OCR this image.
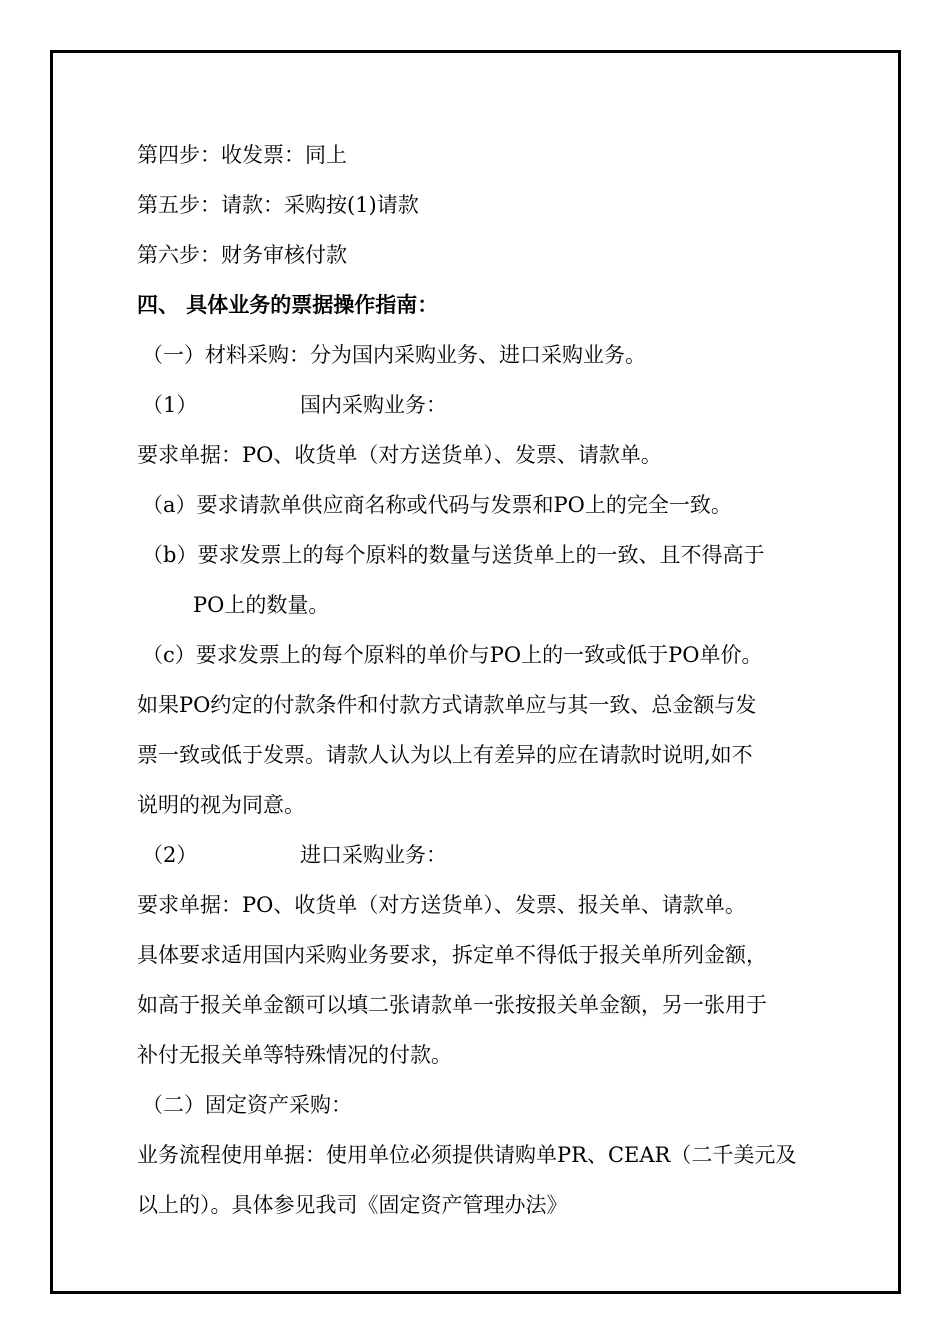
第四步：收发票：同上
第五步：请款：采购按(1)请款
第六步：财务审核付款
四、 具体业务的票据操作指南：
（一）材料采购：分为国内采购业务、进口采购业务。
（1）	国内采购业务：
要求单据：PO、收货单（对方送货单）、发票、请款单。
（a）要求请款单供应商名称或代码与发票和PO上的完全一致。
（b）要求发票上的每个原料的数量与送货单上的一致、且不得高于
PO上的数量。
（c）要求发票上的每个原料的单价与PO上的一致或低于PO单价。
如果PO约定的付款条件和付款方式请款单应与其一致、总金额与发
票一致或低于发票。请款人认为以上有差异的应在请款时说明,如不
说明的视为同意。
（2）	进口采购业务：
要求单据：PO、收货单（对方送货单）、发票、报关单、请款单。
具体要求适用国内采购业务要求，拆定单不得低于报关单所列金额，
如高于报关单金额可以填二张请款单一张按报关单金额，另一张用于
补付无报关单等特殊情况的付款。
（二）固定资产采购：
业务流程使用单据：使用单位必须提供请购单PR、CEAR（二千美元及
以上的）。具体参见我司《固定资产管理办法》
